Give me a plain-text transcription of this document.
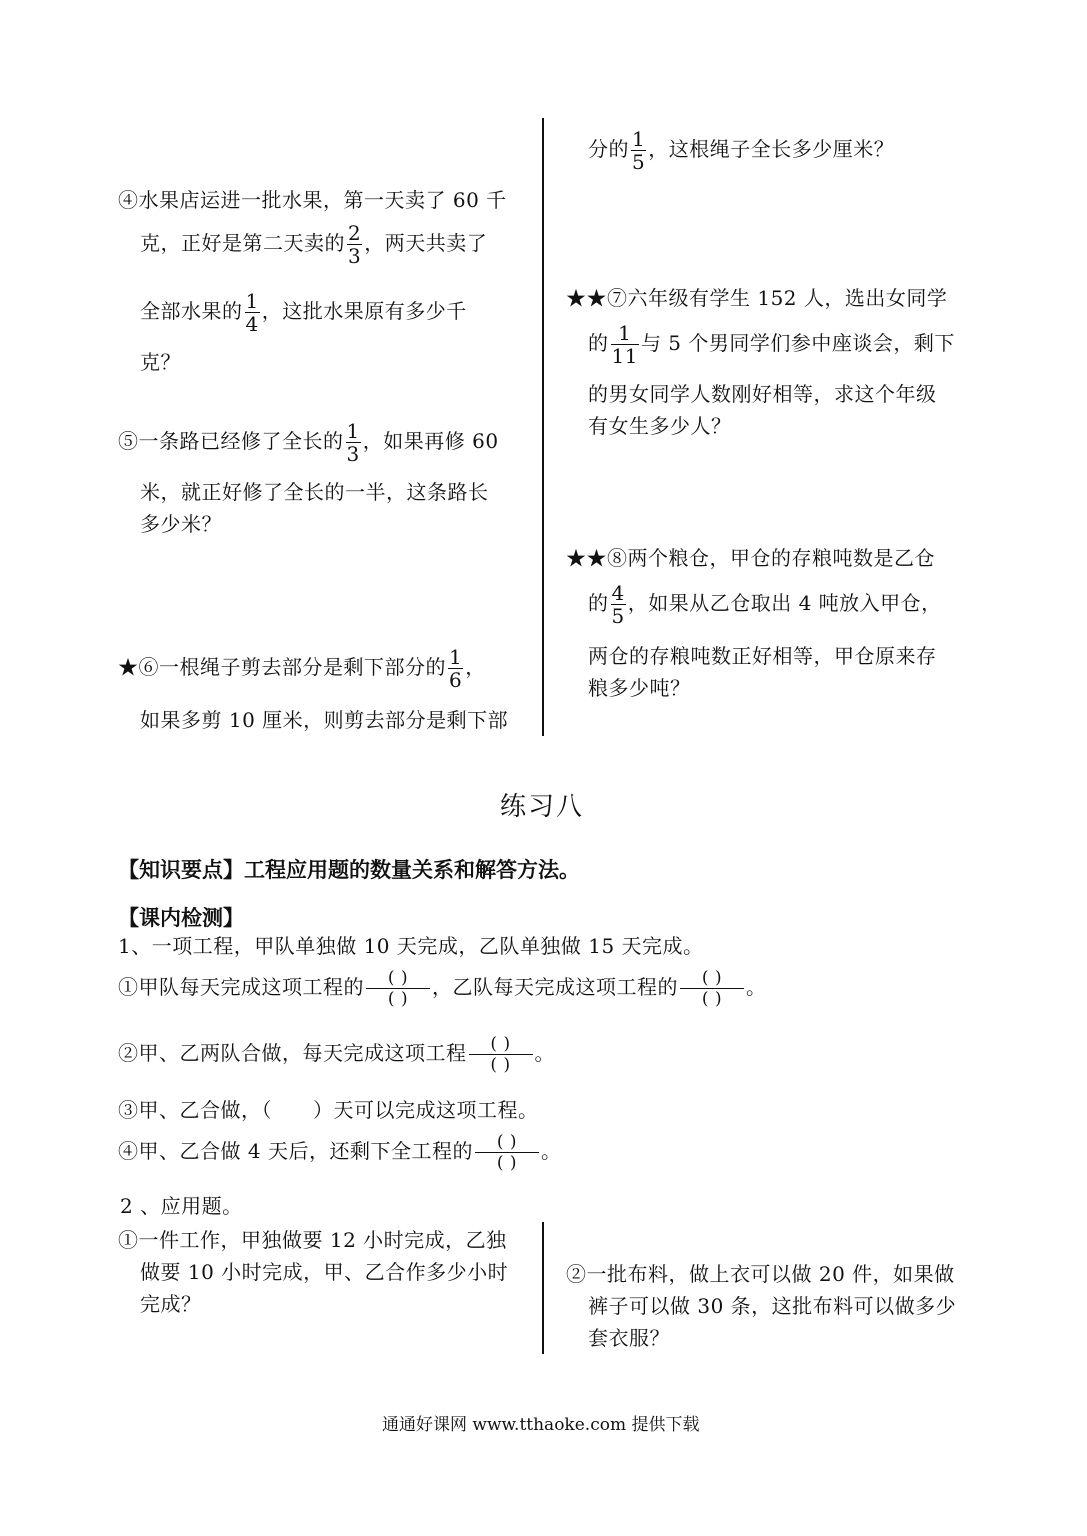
分的 $\frac{1}{5}$ ，这根绳子全长多少厘米？
④水果店运进一批水果，第一天卖了 60 千
克，正好是第二天卖的 $\frac{2}{3}$ ，两天共卖了
全部水果的 $\frac{1}{4}$ ，这批水果原有多少千
克？
⑤一条路已经修了全长的 $\frac{1}{3}$ ，如果再修 60
米，就正好修了全长的一半，这条路长
多少米？
★⑥一根绳子剪去部分是剩下部分的 $\frac{1}{6}$ ，
如果多剪 10 厘米，则剪去部分是剩下部
★★⑦六年级有学生 152 人，选出女同学
的 $\frac{1}{11}$ 与 5 个男同学们参中座谈会，剩下
的男女同学人数刚好相等，求这个年级
有女生多少人？
★★⑧两个粮仓，甲仓的存粮吨数是乙仓
的 $\frac{4}{5}$ ，如果从乙仓取出 4 吨放入甲仓，
两仓的存粮吨数正好相等，甲仓原来存
粮多少吨？
练习八
【知识要点】工程应用题的数量关系和解答方法。
【课内检测】
1、一项工程，甲队单独做 10 天完成，乙队单独做 15 天完成。
①甲队每天完成这项工程的 $\frac{( )}{( )}$ ，乙队每天完成这项工程的 $\frac{( )}{( )}$ 。
②甲、乙两队合做，每天完成这项工程 $\frac{( )}{( )}$ 。
③甲、乙合做，（　　）天可以完成这项工程。
④甲、乙合做 4 天后，还剩下全工程的 $\frac{( )}{( )}$ 。
2 、应用题。
①一件工作，甲独做要 12 小时完成，乙独
做要 10 小时完成，甲、乙合作多少小时
完成？
②一批布料，做上衣可以做 20 件，如果做
裤子可以做 30 条，这批布料可以做多少
套衣服？
通通好课网 www.tthaoke.com 提供下载
